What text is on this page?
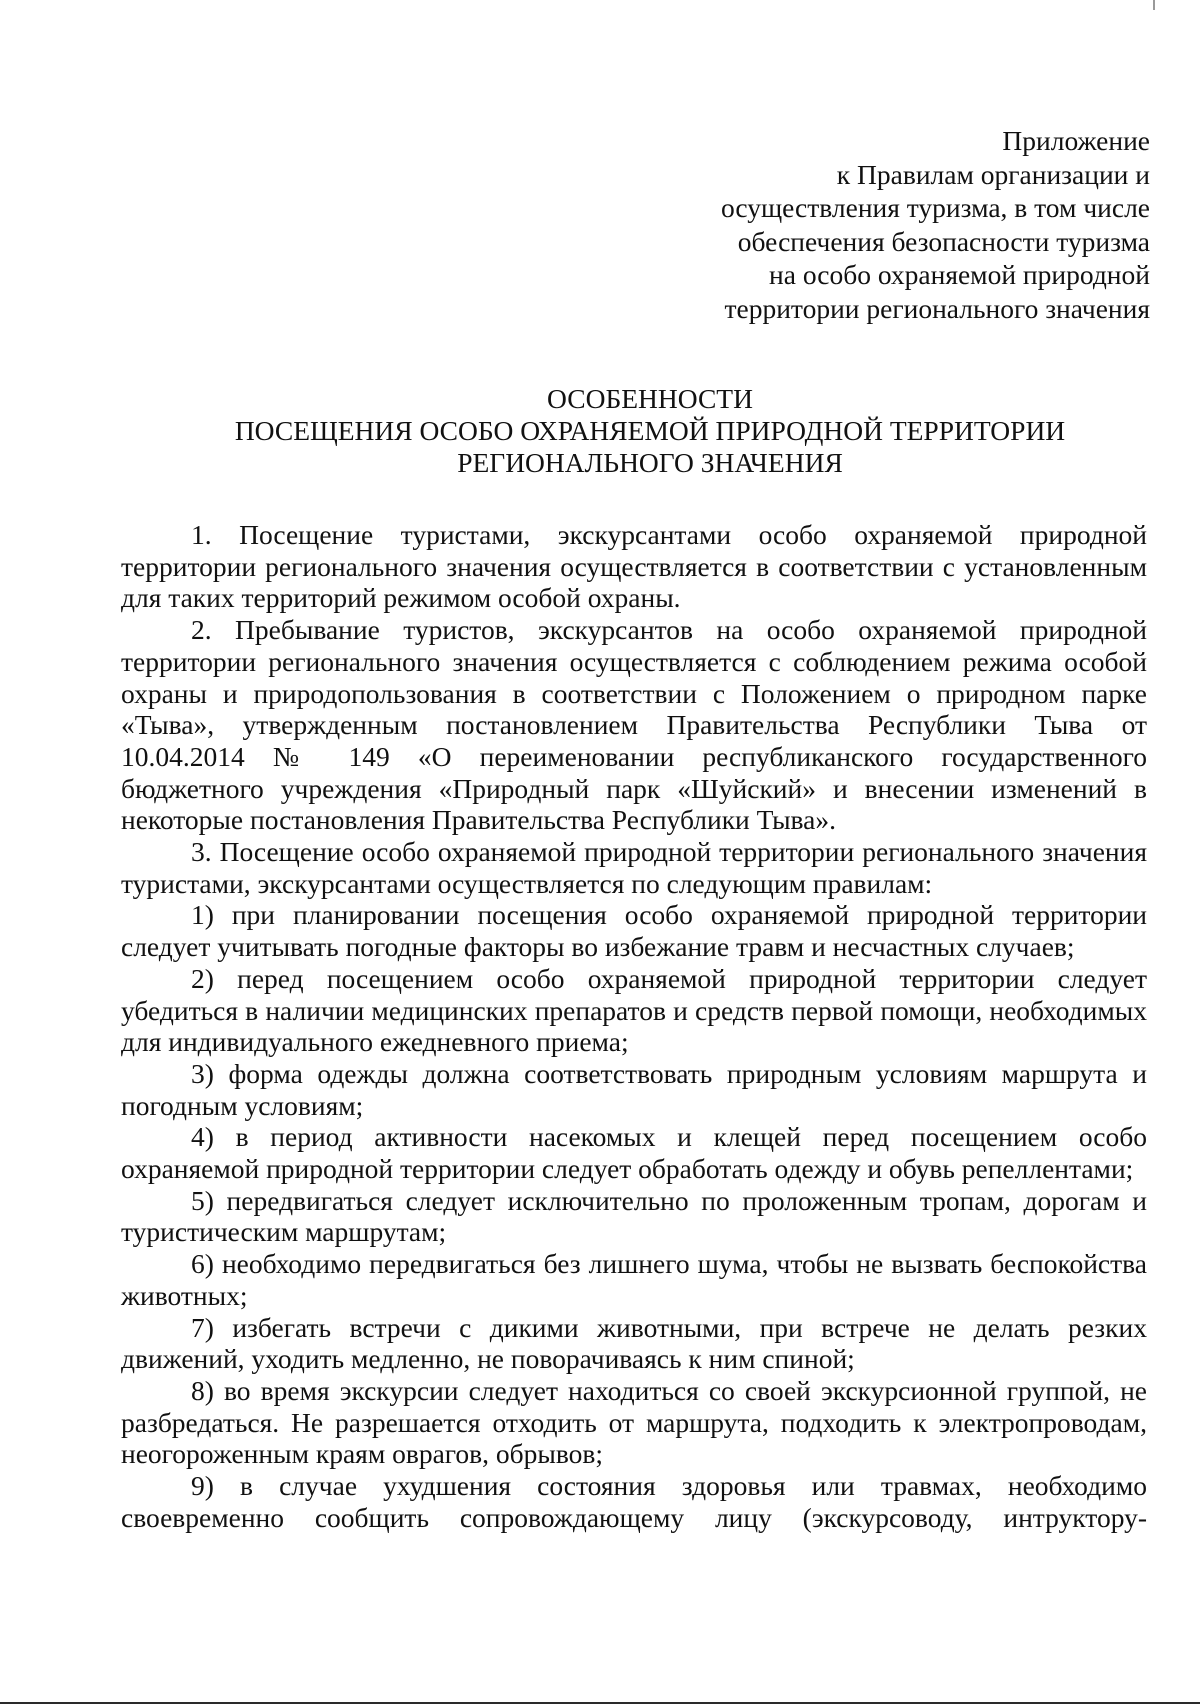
Приложение
к Правилам организации и
осуществления туризма, в том числе
обеспечения безопасности туризма
на особо охраняемой природной
территории регионального значения
ОСОБЕННОСТИ
ПОСЕЩЕНИЯ ОСОБО ОХРАНЯЕМОЙ ПРИРОДНОЙ ТЕРРИТОРИИ
РЕГИОНАЛЬНОГО ЗНАЧЕНИЯ

1. Посещение туристами, экскурсантами особо охраняемой природной территории регионального значения осуществляется в соответствии с установленным для таких территорий режимом особой охраны.

2. Пребывание туристов, экскурсантов на особо охраняемой природной территории регионального значения осуществляется с соблюдением режима особой охраны и природопользования в соответствии с Положением о природном парке «Тыва», утвержденным постановлением Правительства Республики Тыва от 10.04.2014 № 149 «О переименовании республиканского государственного бюджетного учреждения «Природный парк «Шуйский» и внесении изменений в некоторые постановления Правительства Республики Тыва».

3. Посещение особо охраняемой природной территории регионального значения туристами, экскурсантами осуществляется по следующим правилам:

1) при планировании посещения особо охраняемой природной территории следует учитывать погодные факторы во избежание травм и несчастных случаев;

2) перед посещением особо охраняемой природной территории следует убедиться в наличии медицинских препаратов и средств первой помощи, необходимых для индивидуального ежедневного приема;

3) форма одежды должна соответствовать природным условиям маршрута и погодным условиям;

4) в период активности насекомых и клещей перед посещением особо охраняемой природной территории следует обработать одежду и обувь репеллентами;

5) передвигаться следует исключительно по проложенным тропам, дорогам и туристическим маршрутам;

6) необходимо передвигаться без лишнего шума, чтобы не вызвать беспокойства животных;

7) избегать встречи с дикими животными, при встрече не делать резких движений, уходить медленно, не поворачиваясь к ним спиной;

8) во время экскурсии следует находиться со своей экскурсионной группой, не разбредаться. Не разрешается отходить от маршрута, подходить к электропроводам, неогороженным краям оврагов, обрывов;

9) в случае ухудшения состояния здоровья или травмах, необходимо своевременно сообщить сопровождающему лицу (экскурсоводу, интруктору-
